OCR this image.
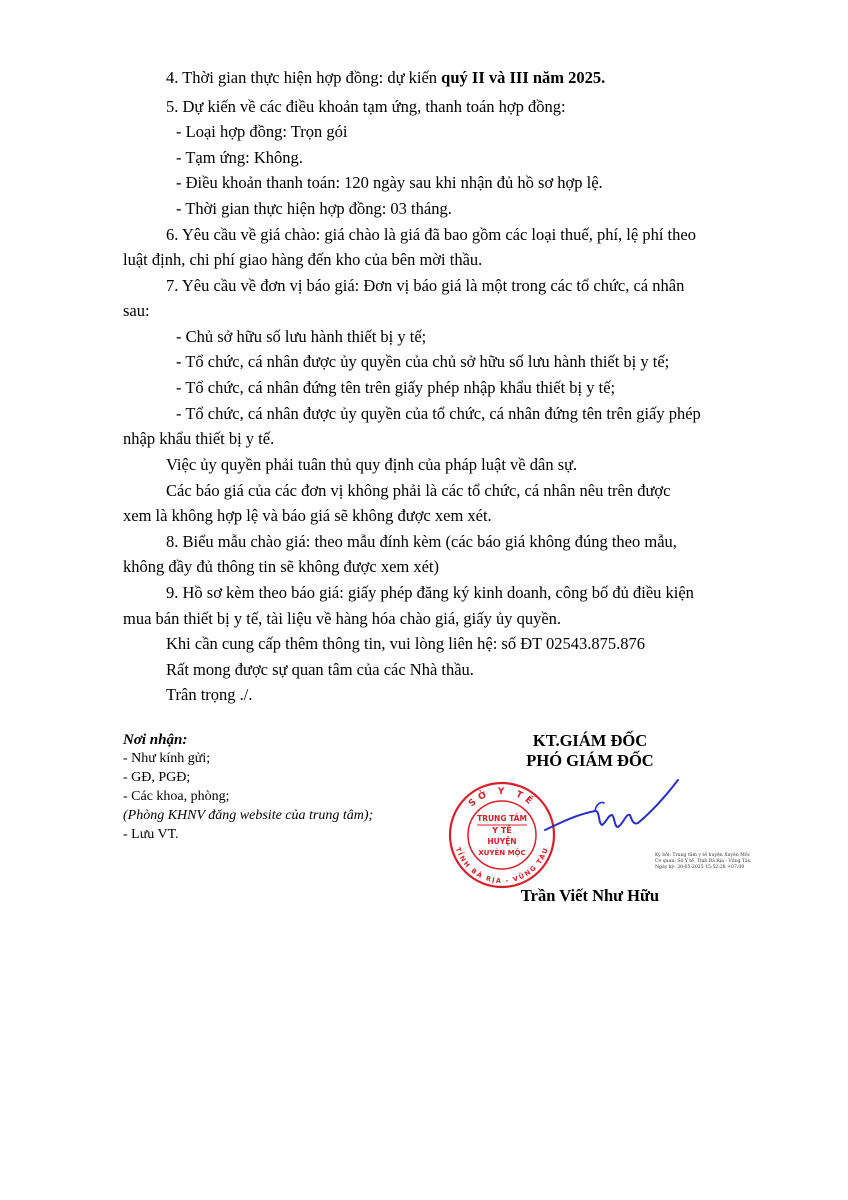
4. Thời gian thực hiện hợp đồng: dự kiến quý II và III năm 2025.
5. Dự kiến về các điều khoản tạm ứng, thanh toán hợp đồng:
- Loại hợp đồng: Trọn gói
- Tạm ứng: Không.
- Điều khoản thanh toán: 120 ngày sau khi nhận đủ hồ sơ hợp lệ.
- Thời gian thực hiện hợp đồng: 03 tháng.
6. Yêu cầu về giá chào: giá chào là giá đã bao gồm các loại thuế, phí, lệ phí theo
luật định, chi phí giao hàng đến kho của bên mời thầu.
7. Yêu cầu về đơn vị báo giá: Đơn vị báo giá là một trong các tổ chức, cá nhân
sau:
- Chủ sở hữu số lưu hành thiết bị y tế;
- Tổ chức, cá nhân được ủy quyền của chủ sở hữu số lưu hành thiết bị y tế;
- Tổ chức, cá nhân đứng tên trên giấy phép nhập khẩu thiết bị y tế;
- Tổ chức, cá nhân được ủy quyền của tổ chức, cá nhân đứng tên trên giấy phép
nhập khẩu thiết bị y tế.
Việc ủy quyền phải tuân thủ quy định của pháp luật về dân sự.
Các báo giá của các đơn vị không phải là các tổ chức, cá nhân nêu trên được
xem là không hợp lệ và báo giá sẽ không được xem xét.
8. Biểu mẫu chào giá: theo mẫu đính kèm (các báo giá không đúng theo mẫu,
không đầy đủ thông tin sẽ không được xem xét)
9. Hồ sơ kèm theo báo giá: giấy phép đăng ký kinh doanh, công bố đủ điều kiện
mua bán thiết bị y tế, tài liệu về hàng hóa chào giá, giấy ủy quyền.
Khi cần cung cấp thêm thông tin, vui lòng liên hệ: số ĐT 02543.875.876
Rất mong được sự quan tâm của các Nhà thầu.
Trân trọng ./.
Nơi nhận:
- Như kính gửi;
- GĐ, PGĐ;
- Các khoa, phòng;
(Phòng KHNV đăng website của trung tâm);
- Lưu VT.
KT.GIÁM ĐỐC
PHÓ GIÁM ĐỐC
SỞ Y TẾ
TỈNH BÀ RỊA - VŨNG TÀU
TRUNG TÂM
Y TẾ
HUYỆN
XUYÊN MỘC	Ký bởi: Trung tâm y tế huyện Xuyên Mộc
Cơ quan: Sở Y tế, Tỉnh Bà Rịa - Vũng Tàu
Ngày ký: 30-05-2025 15:52:28 +07:00
Trần Viết Như Hữu
